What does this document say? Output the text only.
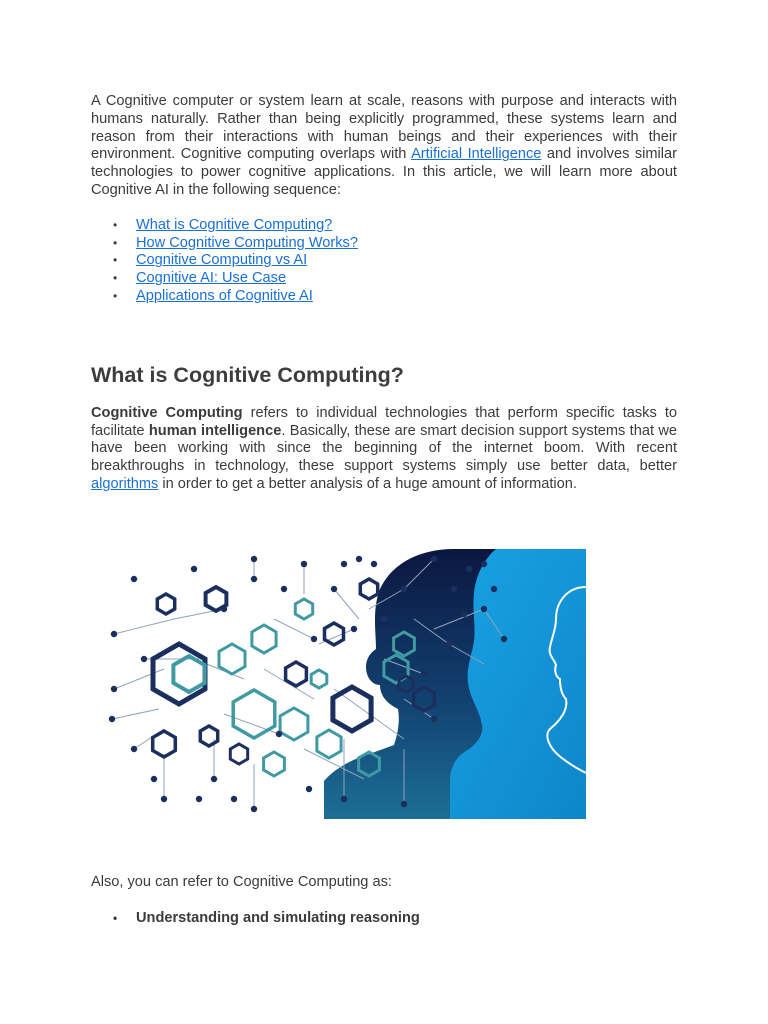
A Cognitive computer or system learn at scale, reasons with purpose and interacts with humans naturally. Rather than being explicitly programmed, these systems learn and reason from their interactions with human beings and their experiences with their environment. Cognitive computing overlaps with Artificial Intelligence and involves similar technologies to power cognitive applications. In this article, we will learn more about Cognitive AI in the following sequence:

• What is Cognitive Computing?
• How Cognitive Computing Works?
• Cognitive Computing vs AI
• Cognitive AI: Use Case
• Applications of Cognitive AI
What is Cognitive Computing?

Cognitive Computing refers to individual technologies that perform specific tasks to facilitate human intelligence. Basically, these are smart decision support systems that we have been working with since the beginning of the internet boom. With recent breakthroughs in technology, these support systems simply use better data, better algorithms in order to get a better analysis of a huge amount of information.

Also, you can refer to Cognitive Computing as:

• Understanding and simulating reasoning
